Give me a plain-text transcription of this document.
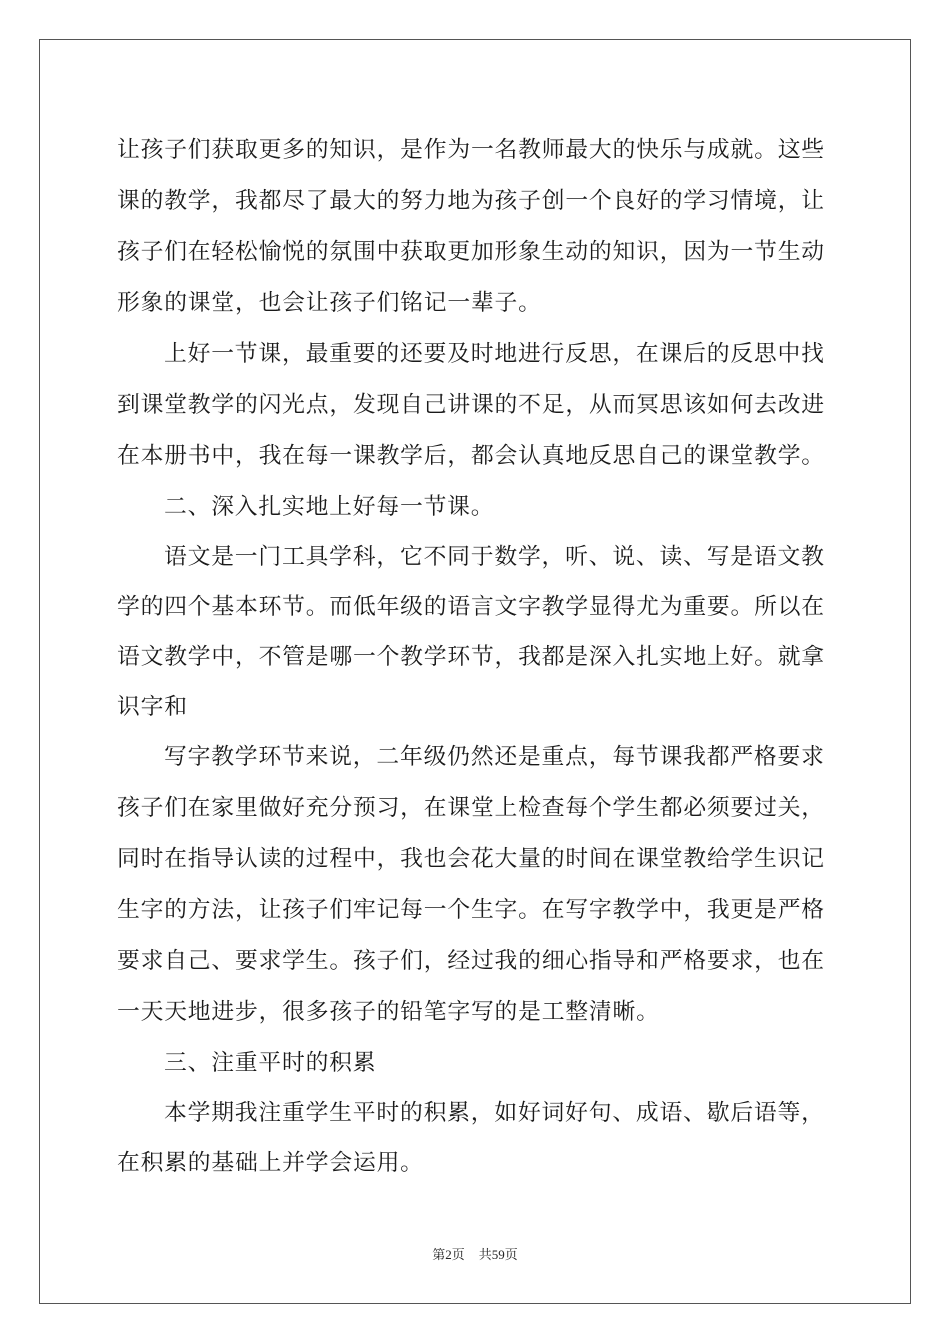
让孩子们获取更多的知识，是作为一名教师最大的快乐与成就。这些
课的教学，我都尽了最大的努力地为孩子创一个良好的学习情境，让
孩子们在轻松愉悦的氛围中获取更加形象生动的知识，因为一节生动
形象的课堂，也会让孩子们铭记一辈子。
上好一节课，最重要的还要及时地进行反思，在课后的反思中找
到课堂教学的闪光点，发现自己讲课的不足，从而冥思该如何去改进
在本册书中，我在每一课教学后，都会认真地反思自己的课堂教学。
二、深入扎实地上好每一节课。
语文是一门工具学科，它不同于数学，听、说、读、写是语文教
学的四个基本环节。而低年级的语言文字教学显得尤为重要。所以在
语文教学中，不管是哪一个教学环节，我都是深入扎实地上好。就拿
识字和
写字教学环节来说，二年级仍然还是重点，每节课我都严格要求
孩子们在家里做好充分预习，在课堂上检查每个学生都必须要过关，
同时在指导认读的过程中，我也会花大量的时间在课堂教给学生识记
生字的方法，让孩子们牢记每一个生字。在写字教学中，我更是严格
要求自己、要求学生。孩子们，经过我的细心指导和严格要求，也在
一天天地进步，很多孩子的铅笔字写的是工整清晰。
三、注重平时的积累
本学期我注重学生平时的积累，如好词好句、成语、歇后语等，
在积累的基础上并学会运用。
第2页 共59页
